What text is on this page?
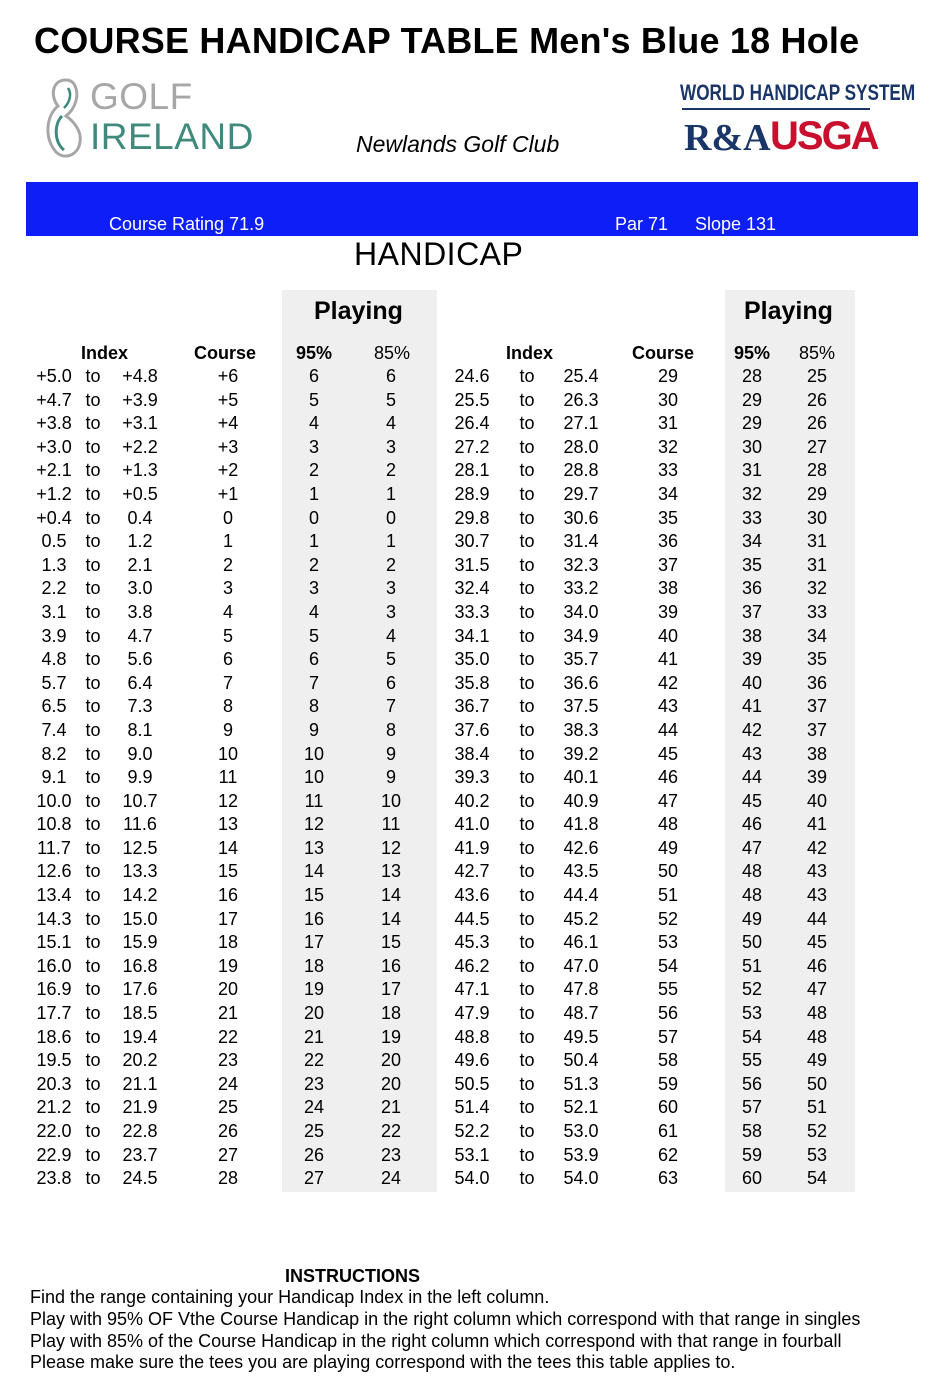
COURSE HANDICAP TABLE Men's Blue 18 Hole
GOLF
IRELAND	Newlands Golf Club
WORLD HANDICAP SYSTEM
R&A USGA
Course Rating 71.9	Par 71 Slope 131
HANDICAP
Playing	Playing
Index	Course 95% 85%	Index	Course 95% 85%
+5.0 to +4.8	+6	6	6	24.6 to 25.4	29	28 25
+4.7 to +3.9	+5	5	5	25.5 to 26.3	30	29 26
+3.8 to +3.1	+4	4	4	26.4 to 27.1	31	29 26
+3.0 to +2.2	+3	3	3	27.2 to 28.0	32	30 27
+2.1 to +1.3	+2	2	2	28.1 to 28.8	33	31 28
+1.2 to +0.5	+1	1	1	28.9 to 29.7	34	32 29
+0.4 to 0.4	0	0	0	29.8 to 30.6	35	33 30
0.5 to 1.2	1	1	1	30.7 to 31.4	36	34 31
1.3 to 2.1	2	2	2	31.5 to 32.3	37	35 31
2.2 to 3.0	3	3	3	32.4 to 33.2	38	36 32
3.1 to 3.8	4	4	3	33.3 to 34.0	39	37 33
3.9 to 4.7	5	5	4	34.1 to 34.9	40	38 34
4.8 to 5.6	6	6	5	35.0 to 35.7	41	39 35
5.7 to 6.4	7	7	6	35.8 to 36.6	42	40 36
6.5 to 7.3	8	8	7	36.7 to 37.5	43	41 37
7.4 to 8.1	9	9	8	37.6 to 38.3	44	42 37
8.2 to 9.0	10	10	9	38.4 to 39.2	45	43 38
9.1 to 9.9	11	10	9	39.3 to 40.1	46	44 39
10.0 to 10.7	12	11	10	40.2 to 40.9	47	45 40
10.8 to 11.6	13	12	11	41.0 to 41.8	48	46 41
11.7 to 12.5	14	13	12	41.9 to 42.6	49	47 42
12.6 to 13.3	15	14	13	42.7 to 43.5	50	48 43
13.4 to 14.2	16	15	14	43.6 to 44.4	51	48 43
14.3 to 15.0	17	16	14	44.5 to 45.2	52	49 44
15.1 to 15.9	18	17	15	45.3 to 46.1	53	50 45
16.0 to 16.8	19	18	16	46.2 to 47.0	54	51 46
16.9 to 17.6	20	19	17	47.1 to 47.8	55	52 47
17.7 to 18.5	21	20	18	47.9 to 48.7	56	53 48
18.6 to 19.4	22	21	19	48.8 to 49.5	57	54 48
19.5 to 20.2	23	22	20	49.6 to 50.4	58	55 49
20.3 to 21.1	24	23	20	50.5 to 51.3	59	56 50
21.2 to 21.9	25	24	21	51.4 to 52.1	60	57 51
22.0 to 22.8	26	25	22	52.2 to 53.0	61	58 52
22.9 to 23.7	27	26	23	53.1 to 53.9	62	59 53
23.8 to 24.5	28	27	24	54.0 to 54.0	63	60 54
INSTRUCTIONS
Find the range containing your Handicap Index in the left column.
Play with 95% OF Vthe Course Handicap in the right column which correspond with that range in singles
Play with 85% of the Course Handicap in the right column which correspond with that range in fourball
Please make sure the tees you are playing correspond with the tees this table applies to.
